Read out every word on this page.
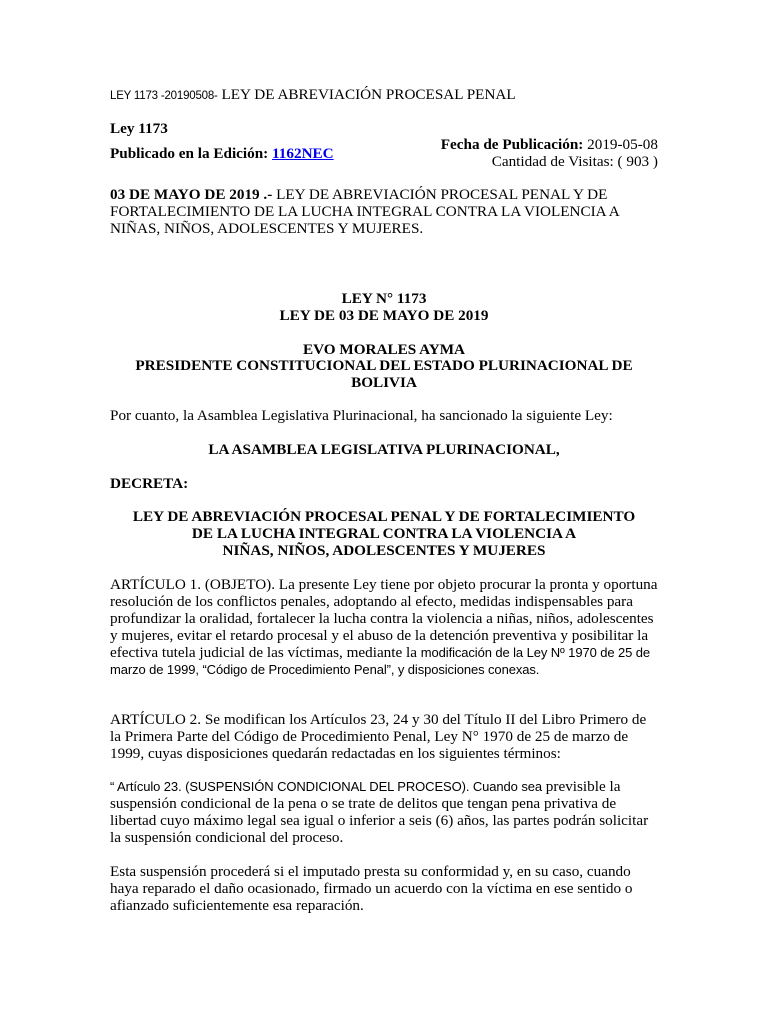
LEY 1173 -20190508- LEY DE ABREVIACIÓN PROCESAL PENAL
Ley 1173
Publicado en la Edición: 1162NEC
Fecha de Publicación: 2019-05-08
Cantidad de Visitas: ( 903 )

03 DE MAYO DE 2019 .- LEY DE ABREVIACIÓN PROCESAL PENAL Y DE FORTALECIMIENTO DE LA LUCHA INTEGRAL CONTRA LA VIOLENCIA A NIÑAS, NIÑOS, ADOLESCENTES Y MUJERES.

LEY N° 1173
LEY DE 03 DE MAYO DE 2019
EVO MORALES AYMA
PRESIDENTE CONSTITUCIONAL DEL ESTADO PLURINACIONAL DE BOLIVIA

Por cuanto, la Asamblea Legislativa Plurinacional, ha sancionado la siguiente Ley:

LA ASAMBLEA LEGISLATIVA PLURINACIONAL,
DECRETA:
LEY DE ABREVIACIÓN PROCESAL PENAL Y DE FORTALECIMIENTO
DE LA LUCHA INTEGRAL CONTRA LA VIOLENCIA A
NIÑAS, NIÑOS, ADOLESCENTES Y MUJERES

ARTÍCULO 1. (OBJETO). La presente Ley tiene por objeto procurar la pronta y oportuna resolución de los conflictos penales, adoptando al efecto, medidas indispensables para profundizar la oralidad, fortalecer la lucha contra la violencia a niñas, niños, adolescentes y mujeres, evitar el retardo procesal y el abuso de la detención preventiva y posibilitar la efectiva tutela judicial de las víctimas, mediante la modificación de la Ley Nº 1970 de 25 de marzo de 1999, “Código de Procedimiento Penal”, y disposiciones conexas.

ARTÍCULO 2. Se modifican los Artículos 23, 24 y 30 del Título II del Libro Primero de la Primera Parte del Código de Procedimiento Penal, Ley N° 1970 de 25 de marzo de 1999, cuyas disposiciones quedarán redactadas en los siguientes términos:

“ Artículo 23. (SUSPENSIÓN CONDICIONAL DEL PROCESO). Cuando sea previsible la suspensión condicional de la pena o se trate de delitos que tengan pena privativa de libertad cuyo máximo legal sea igual o inferior a seis (6) años, las partes podrán solicitar la suspensión condicional del proceso.

Esta suspensión procederá si el imputado presta su conformidad y, en su caso, cuando haya reparado el daño ocasionado, firmado un acuerdo con la víctima en ese sentido o afianzado suficientemente esa reparación.
